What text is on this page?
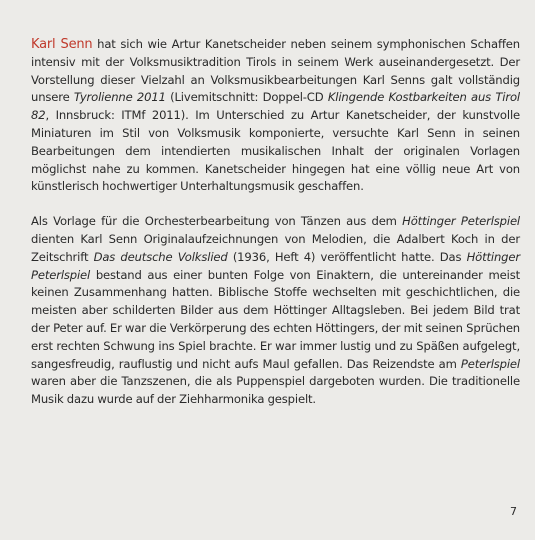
Karl Senn hat sich wie Artur Kanetscheider neben seinem symphonischen Schaffen intensiv mit der Volksmusiktradition Tirols in seinem Werk auseinandergesetzt. Der Vorstellung dieser Vielzahl an Volksmusikbearbeitungen Karl Senns galt vollständig unsere Tyrolienne 2011 (Livemitschnitt: Doppel-CD Klingende Kostbarkeiten aus Tirol 82, Innsbruck: ITMf 2011). Im Unterschied zu Artur Kanetscheider, der kunstvolle Miniaturen im Stil von Volksmusik komponierte, versuchte Karl Senn in seinen Bearbeitungen dem intendierten musikalischen Inhalt der originalen Vorlagen möglichst nahe zu kommen. Kanetscheider hingegen hat eine völlig neue Art von künstlerisch hochwertiger Unterhaltungsmusik geschaffen.

Als Vorlage für die Orchesterbearbeitung von Tänzen aus dem Höttinger Peterlspiel dienten Karl Senn Originalaufzeichnungen von Melodien, die Adalbert Koch in der Zeitschrift Das deutsche Volkslied (1936, Heft 4) veröffentlicht hatte. Das Höttinger Peterlspiel bestand aus einer bunten Folge von Einaktern, die untereinander meist keinen Zusammenhang hatten. Biblische Stoffe wechselten mit geschichtlichen, die meisten aber schilderten Bilder aus dem Höttinger Alltagsleben. Bei jedem Bild trat der Peter auf. Er war die Verkörperung des echten Höttingers, der mit seinen Sprüchen erst rechten Schwung ins Spiel brachte. Er war immer lustig und zu Späßen aufgelegt, sangesfreudig, rauflustig und nicht aufs Maul gefallen. Das Reizendste am Peterlspiel waren aber die Tanzszenen, die als Puppenspiel dargeboten wurden. Die traditionelle Musik dazu wurde auf der Ziehharmonika gespielt.

7
